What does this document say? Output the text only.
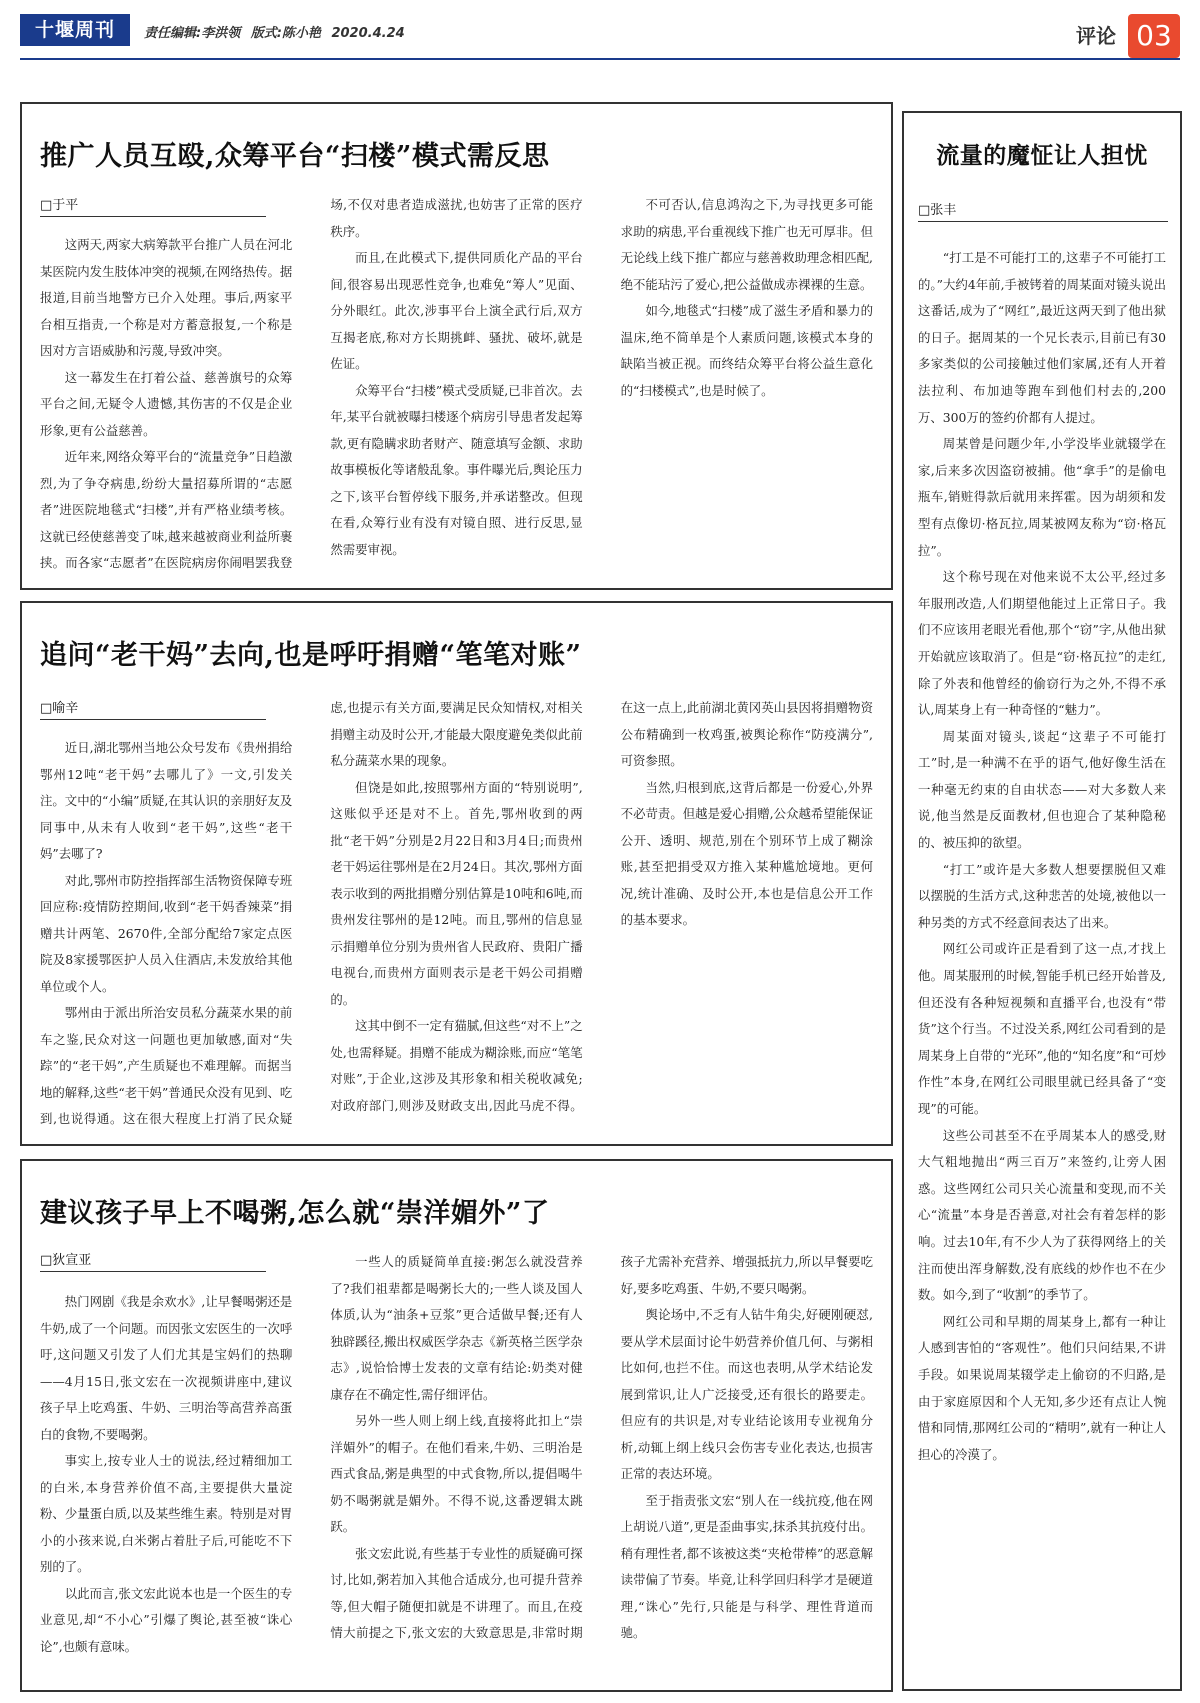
十堰周刊	责任编辑:李洪领 版式:陈小艳 2020.4.24	评论 03
推广人员互殴,众筹平台“扫楼”模式需反思

这两天,两家大病筹款平台推广人员在河北某医院内发生肢体冲突的视频,在网络热传。据报道,目前当地警方已介入处理。事后,两家平台相互指责,一个称是对方蓄意报复,一个称是因对方言语威胁和污蔑,导致冲突。

这一幕发生在打着公益、慈善旗号的众筹平台之间,无疑令人遗憾,其伤害的不仅是企业形象,更有公益慈善。

近年来,网络众筹平台的“流量竞争”日趋激烈,为了争夺病患,纷纷大量招募所谓的“志愿者”进医院地毯式“扫楼”,并有严格业绩考核。这就已经使慈善变了味,越来越被商业利益所裹挟。而各家“志愿者”在医院病房你闹唱罢我登场,不仅对患者造成滋扰,也妨害了正常的医疗秩序。

而且,在此模式下,提供同质化产品的平台间,很容易出现恶性竞争,也难免“筹人”见面、分外眼红。此次,涉事平台上演全武行后,双方互揭老底,称对方长期挑衅、骚扰、破坏,就是佐证。

众筹平台“扫楼”模式受质疑,已非首次。去年,某平台就被曝扫楼逐个病房引导患者发起筹款,更有隐瞒求助者财产、随意填写金额、求助故事模板化等诸般乱象。事件曝光后,舆论压力之下,该平台暂停线下服务,并承诺整改。但现在看,众筹行业有没有对镜自照、进行反思,显然需要审视。

不可否认,信息鸿沟之下,为寻找更多可能求助的病患,平台重视线下推广也无可厚非。但无论线上线下推广都应与慈善救助理念相匹配,绝不能玷污了爱心,把公益做成赤裸裸的生意。

如今,地毯式“扫楼”成了滋生矛盾和暴力的温床,绝不简单是个人素质问题,该模式本身的缺陷当被正视。而终结众筹平台将公益生意化的“扫楼模式”,也是时候了。

□于平
追问“老干妈”去向,也是呼吁捐赠“笔笔对账”

近日,湖北鄂州当地公众号发布《贵州捐给鄂州12吨“老干妈”去哪儿了》一文,引发关注。文中的“小编”质疑,在其认识的亲朋好友及同事中,从未有人收到“老干妈”,这些“老干妈”去哪了?

对此,鄂州市防控指挥部生活物资保障专班回应称:疫情防控期间,收到“老干妈香辣菜”捐赠共计两笔、2670件,全部分配给7家定点医院及8家援鄂医护人员入住酒店,未发放给其他单位或个人。

鄂州由于派出所治安员私分蔬菜水果的前车之鉴,民众对这一问题也更加敏感,面对“失踪”的“老干妈”,产生质疑也不难理解。而据当地的解释,这些“老干妈”普通民众没有见到、吃到,也说得通。这在很大程度上打消了民众疑虑,也提示有关方面,要满足民众知情权,对相关捐赠主动及时公开,才能最大限度避免类似此前私分蔬菜水果的现象。

但饶是如此,按照鄂州方面的“特别说明”,这账似乎还是对不上。首先,鄂州收到的两批“老干妈”分别是2月22日和3月4日;而贵州老干妈运往鄂州是在2月24日。其次,鄂州方面表示收到的两批捐赠分别估算是10吨和6吨,而贵州发往鄂州的是12吨。而且,鄂州的信息显示捐赠单位分别为贵州省人民政府、贵阳广播电视台,而贵州方面则表示是老干妈公司捐赠的。

这其中倒不一定有猫腻,但这些“对不上”之处,也需释疑。捐赠不能成为糊涂账,而应“笔笔对账”,于企业,这涉及其形象和相关税收减免;对政府部门,则涉及财政支出,因此马虎不得。在这一点上,此前湖北黄冈英山县因将捐赠物资公布精确到一枚鸡蛋,被舆论称作“防疫满分”,可资参照。

当然,归根到底,这背后都是一份爱心,外界不必苛责。但越是爱心捐赠,公众越希望能保证公开、透明、规范,别在个别环节上成了糊涂账,甚至把捐受双方推入某种尴尬境地。更何况,统计准确、及时公开,本也是信息公开工作的基本要求。

□喻辛
建议孩子早上不喝粥,怎么就“崇洋媚外”了

热门网剧《我是余欢水》,让早餐喝粥还是牛奶,成了一个问题。而因张文宏医生的一次呼吁,这问题又引发了人们尤其是宝妈们的热聊——4月15日,张文宏在一次视频讲座中,建议孩子早上吃鸡蛋、牛奶、三明治等高营养高蛋白的食物,不要喝粥。

事实上,按专业人士的说法,经过精细加工的白米,本身营养价值不高,主要提供大量淀粉、少量蛋白质,以及某些维生素。特别是对胃小的小孩来说,白米粥占着肚子后,可能吃不下别的了。

以此而言,张文宏此说本也是一个医生的专业意见,却“不小心”引爆了舆论,甚至被“诛心论”,也颇有意味。

一些人的质疑简单直接:粥怎么就没营养了?我们祖辈都是喝粥长大的;一些人谈及国人体质,认为“油条+豆浆”更合适做早餐;还有人独辟蹊径,搬出权威医学杂志《新英格兰医学杂志》,说恰恰博士发表的文章有结论:奶类对健康存在不确定性,需仔细评估。

另外一些人则上纲上线,直接将此扣上“崇洋媚外”的帽子。在他们看来,牛奶、三明治是西式食品,粥是典型的中式食物,所以,提倡喝牛奶不喝粥就是媚外。不得不说,这番逻辑太跳跃。

张文宏此说,有些基于专业性的质疑确可探讨,比如,粥若加入其他合适成分,也可提升营养等,但大帽子随便扣就是不讲理了。而且,在疫情大前提之下,张文宏的大致意思是,非常时期孩子尤需补充营养、增强抵抗力,所以早餐要吃好,要多吃鸡蛋、牛奶,不要只喝粥。

舆论场中,不乏有人钻牛角尖,好硬刚硬怼,要从学术层面讨论牛奶营养价值几何、与粥相比如何,也拦不住。而这也表明,从学术结论发展到常识,让人广泛接受,还有很长的路要走。但应有的共识是,对专业结论该用专业视角分析,动辄上纲上线只会伤害专业化表达,也损害正常的表达环境。

至于指责张文宏“别人在一线抗疫,他在网上胡说八道”,更是歪曲事实,抹杀其抗疫付出。稍有理性者,都不该被这类“夹枪带棒”的恶意解读带偏了节奏。毕竟,让科学回归科学才是硬道理,“诛心”先行,只能是与科学、理性背道而驰。

□狄宣亚
流量的魔怔让人担忧
□张丰

“打工是不可能打工的,这辈子不可能打工的。”大约4年前,手被铐着的周某面对镜头说出这番话,成为了“网红”,最近这两天到了他出狱的日子。据周某的一个兄长表示,目前已有30多家类似的公司接触过他们家属,还有人开着法拉利、布加迪等跑车到他们村去的,200万、300万的签约价都有人提过。

周某曾是问题少年,小学没毕业就辍学在家,后来多次因盗窃被捕。他“拿手”的是偷电瓶车,销赃得款后就用来挥霍。因为胡须和发型有点像切·格瓦拉,周某被网友称为“窃·格瓦拉”。

这个称号现在对他来说不太公平,经过多年服刑改造,人们期望他能过上正常日子。我们不应该用老眼光看他,那个“窃”字,从他出狱开始就应该取消了。但是“窃·格瓦拉”的走红,除了外表和他曾经的偷窃行为之外,不得不承认,周某身上有一种奇怪的“魅力”。

周某面对镜头,谈起“这辈子不可能打工”时,是一种满不在乎的语气,他好像生活在一种毫无约束的自由状态——对大多数人来说,他当然是反面教材,但也迎合了某种隐秘的、被压抑的欲望。

“打工”或许是大多数人想要摆脱但又难以摆脱的生活方式,这种悲苦的处境,被他以一种另类的方式不经意间表达了出来。

网红公司或许正是看到了这一点,才找上他。周某服刑的时候,智能手机已经开始普及,但还没有各种短视频和直播平台,也没有“带货”这个行当。不过没关系,网红公司看到的是周某身上自带的“光环”,他的“知名度”和“可炒作性”本身,在网红公司眼里就已经具备了“变现”的可能。

这些公司甚至不在乎周某本人的感受,财大气粗地抛出“两三百万”来签约,让旁人困惑。这些网红公司只关心流量和变现,而不关心“流量”本身是否善意,对社会有着怎样的影响。过去10年,有不少人为了获得网络上的关注而使出浑身解数,没有底线的炒作也不在少数。如今,到了“收割”的季节了。

网红公司和早期的周某身上,都有一种让人感到害怕的“客观性”。他们只问结果,不讲手段。如果说周某辍学走上偷窃的不归路,是由于家庭原因和个人无知,多少还有点让人惋惜和同情,那网红公司的“精明”,就有一种让人担心的冷漠了。
